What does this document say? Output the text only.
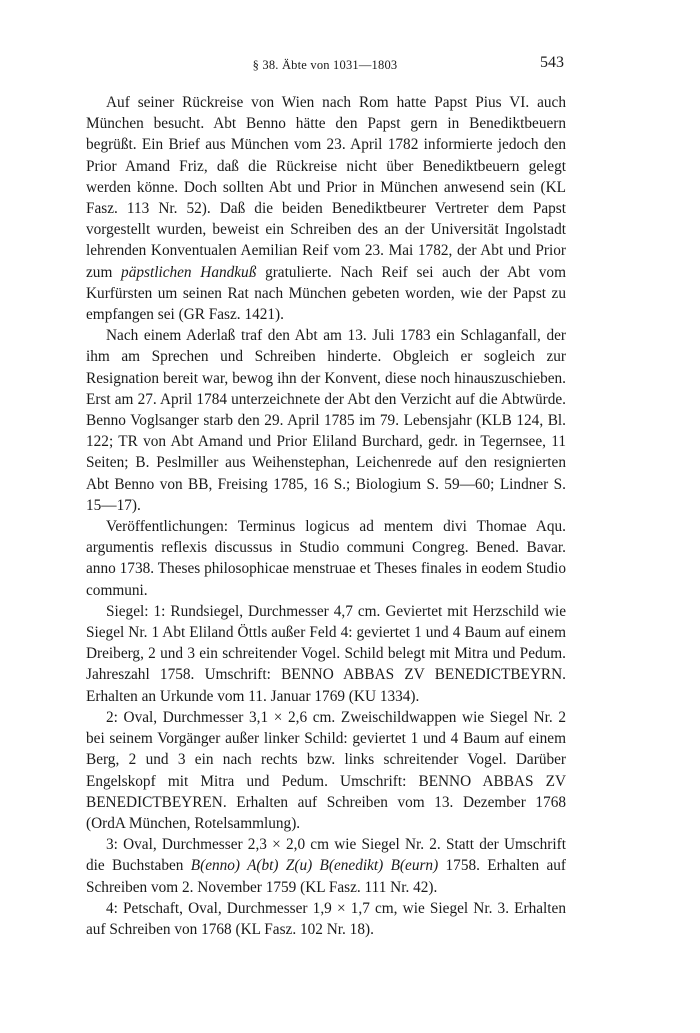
§ 38. Äbte von 1031—1803	543

Auf seiner Rückreise von Wien nach Rom hatte Papst Pius VI. auch München besucht. Abt Benno hätte den Papst gern in Benediktbeuern begrüßt. Ein Brief aus München vom 23. April 1782 informierte jedoch den Prior Amand Friz, daß die Rückreise nicht über Benediktbeuern gelegt werden könne. Doch sollten Abt und Prior in München anwesend sein (KL Fasz. 113 Nr. 52). Daß die beiden Benediktbeurer Vertreter dem Papst vorgestellt wurden, beweist ein Schreiben des an der Universität Ingolstadt lehrenden Konventualen Aemilian Reif vom 23. Mai 1782, der Abt und Prior zum päpstlichen Handkuß gratulierte. Nach Reif sei auch der Abt vom Kurfürsten um seinen Rat nach München gebeten worden, wie der Papst zu empfangen sei (GR Fasz. 1421).

Nach einem Aderlaß traf den Abt am 13. Juli 1783 ein Schlaganfall, der ihm am Sprechen und Schreiben hinderte. Obgleich er sogleich zur Resignation bereit war, bewog ihn der Konvent, diese noch hinauszuschieben. Erst am 27. April 1784 unterzeichnete der Abt den Verzicht auf die Abtwürde. Benno Voglsanger starb den 29. April 1785 im 79. Lebensjahr (KLB 124, Bl. 122; TR von Abt Amand und Prior Eliland Burchard, gedr. in Tegernsee, 11 Seiten; B. Peslmiller aus Weihenstephan, Leichenrede auf den resignierten Abt Benno von BB, Freising 1785, 16 S.; Biologium S. 59—60; Lindner S. 15—17).

Veröffentlichungen: Terminus logicus ad mentem divi Thomae Aqu. argumentis reflexis discussus in Studio communi Congreg. Bened. Bavar. anno 1738. Theses philosophicae menstruae et Theses finales in eodem Studio communi.

Siegel: 1: Rundsiegel, Durchmesser 4,7 cm. Geviertet mit Herzschild wie Siegel Nr. 1 Abt Eliland Öttls außer Feld 4: geviertet 1 und 4 Baum auf einem Dreiberg, 2 und 3 ein schreitender Vogel. Schild belegt mit Mitra und Pedum. Jahreszahl 1758. Umschrift: BENNO ABBAS ZV BENEDICTBEYRN. Erhalten an Urkunde vom 11. Januar 1769 (KU 1334).

2: Oval, Durchmesser 3,1 × 2,6 cm. Zweischildwappen wie Siegel Nr. 2 bei seinem Vorgänger außer linker Schild: geviertet 1 und 4 Baum auf einem Berg, 2 und 3 ein nach rechts bzw. links schreitender Vogel. Darüber Engelskopf mit Mitra und Pedum. Umschrift: BENNO ABBAS ZV BENEDICTBEYREN. Erhalten auf Schreiben vom 13. Dezember 1768 (OrdA München, Rotelsammlung).

3: Oval, Durchmesser 2,3 × 2,0 cm wie Siegel Nr. 2. Statt der Umschrift die Buchstaben B(enno) A(bt) Z(u) B(enedikt) B(eurn) 1758. Erhalten auf Schreiben vom 2. November 1759 (KL Fasz. 111 Nr. 42).

4: Petschaft, Oval, Durchmesser 1,9 × 1,7 cm, wie Siegel Nr. 3. Erhalten auf Schreiben von 1768 (KL Fasz. 102 Nr. 18).
